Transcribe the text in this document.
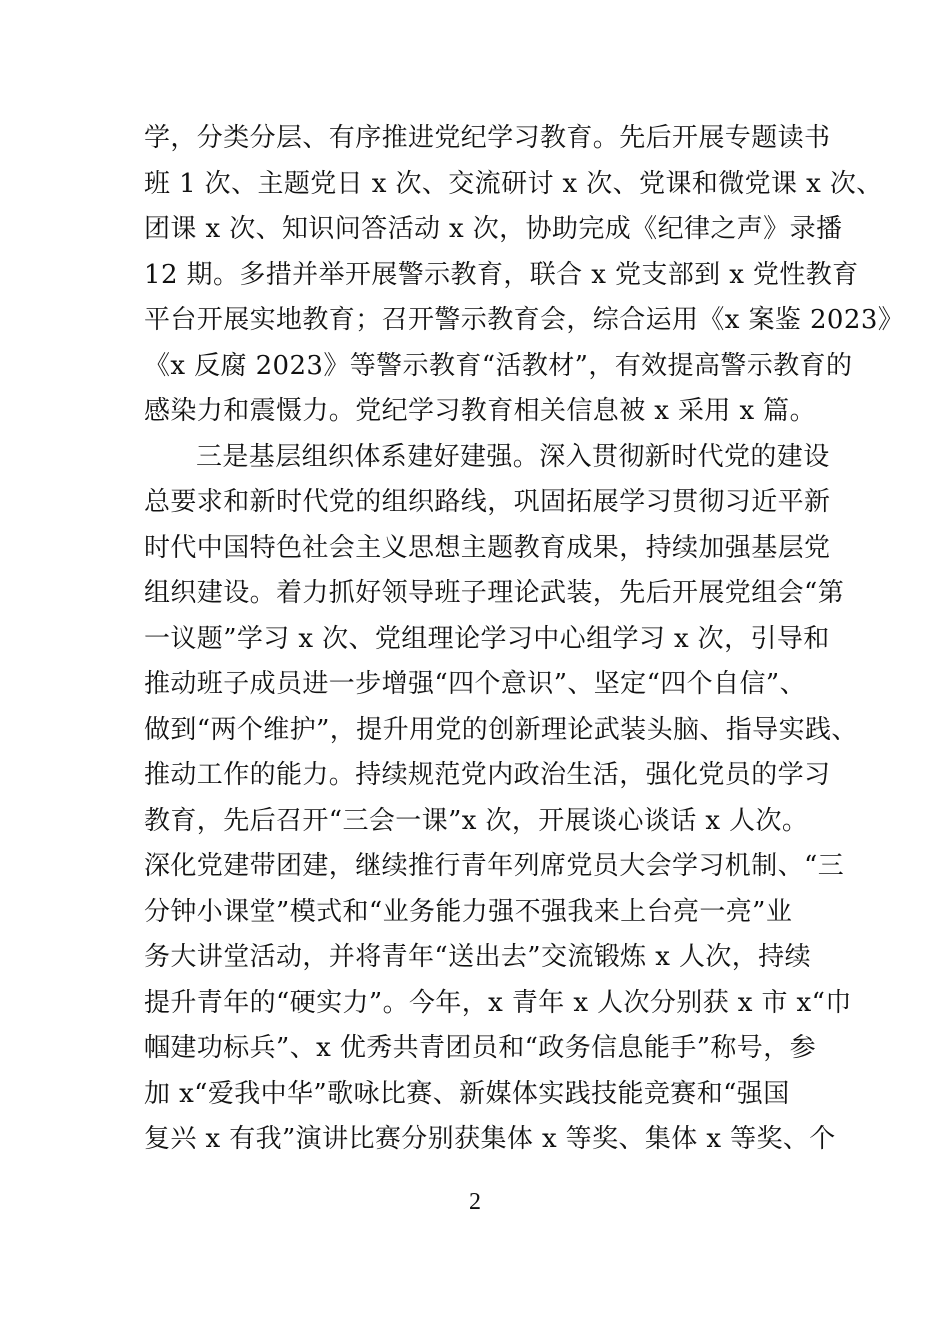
学，分类分层、有序推进党纪学习教育。先后开展专题读书
班 1 次、主题党日 x 次、交流研讨 x 次、党课和微党课 x 次、
团课 x 次、知识问答活动 x 次，协助完成《纪律之声》录播
12 期。多措并举开展警示教育，联合 x 党支部到 x 党性教育
平台开展实地教育；召开警示教育会，综合运用《x 案鉴 2023》
《x 反腐 2023》等警示教育“活教材”，有效提高警示教育的
感染力和震慑力。党纪学习教育相关信息被 x 采用 x 篇。
三是基层组织体系建好建强。深入贯彻新时代党的建设
总要求和新时代党的组织路线，巩固拓展学习贯彻习近平新
时代中国特色社会主义思想主题教育成果，持续加强基层党
组织建设。着力抓好领导班子理论武装，先后开展党组会“第
一议题”学习 x 次、党组理论学习中心组学习 x 次，引导和
推动班子成员进一步增强“四个意识”、坚定“四个自信”、
做到“两个维护”，提升用党的创新理论武装头脑、指导实践、
推动工作的能力。持续规范党内政治生活，强化党员的学习
教育，先后召开“三会一课”x 次，开展谈心谈话 x 人次。
深化党建带团建，继续推行青年列席党员大会学习机制、“三
分钟小课堂”模式和“业务能力强不强我来上台亮一亮”业
务大讲堂活动，并将青年“送出去”交流锻炼 x 人次，持续
提升青年的“硬实力”。今年，x 青年 x 人次分别获 x 市 x“巾
帼建功标兵”、x 优秀共青团员和“政务信息能手”称号，参
加 x“爱我中华”歌咏比赛、新媒体实践技能竞赛和“强国
复兴 x 有我”演讲比赛分别获集体 x 等奖、集体 x 等奖、个
2
